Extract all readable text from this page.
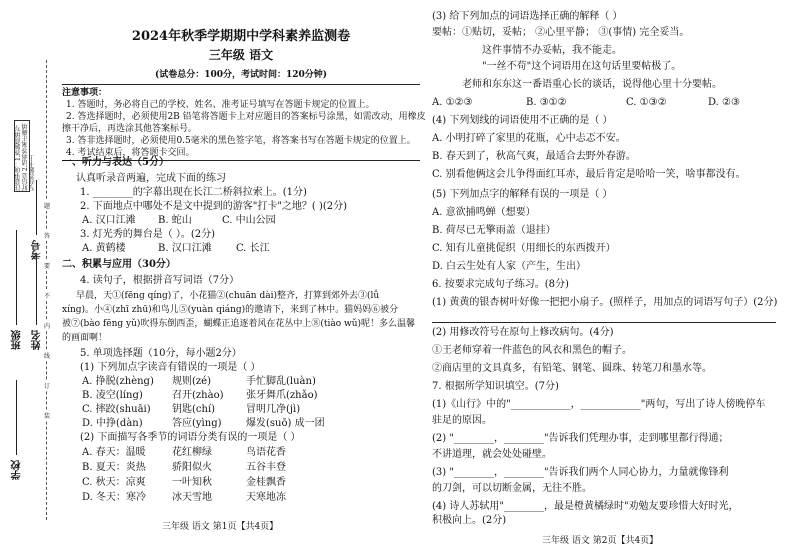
注意事项：1.答题前填写好信息 2.请将答案正确填写在答题卡上
学校
班级 姓名
考号
题
答
要
不
内
线
订
装
2024年秋季学期期中学科素养监测卷
三年级 语文
(试卷总分：100分，考试时间：120分钟)
注意事项：
1. 答题时，务必将自己的学校、姓名、准考证号填写在答题卡规定的位置上。
2. 答选择题时，必须使用2B 铅笔将答题卡上对应题目的答案标号涂黑，如需改动，用橡皮
擦干净后，再选涂其他答案标号。
3. 答非选择题时，必须使用0.5毫米的黑色签字笔，将答案书写在答题卡规定的位置上。
4. 考试结束后，将答题卡交回。
一、听力与表达（5分）
认真听录音两遍，完成下面的练习
1. ________的字幕出现在长江二桥斜拉索上。(1分)
2. 下面地点中哪处不是文中提到的游客"打卡"之地？( )(2分)
A. 汉口江滩 B. 蛇山	C. 中山公园
3. 灯光秀的舞台是（ ）。(2分)
A. 黄鹤楼	B. 汉口江滩 C. 长江
二、积累与应用（30分）
4. 读句子，根据拼音写词语（7分）
早晨，天①(fēng qíng)了，小花猫②(chuān dài)整齐，打算到郊外去③(lǚ
xíng)。小④(zhī zhū)和鸟儿⑤(yuàn qiáng)的邀请下，来到了林中。猫妈妈⑥被分
被⑦(bào fēng yǔ)吹得东倒西歪，蝴蝶正追逐着风在花丛中上⑧(tiào wǔ)呢！多么温馨
的画面啊！
5. 单项选择题（10分，每小题2分）
(1) 下列加点字读音有错误的一项是（ ）
A. 挣脱(zhèng) 规则(zé)	手忙脚乱(luàn)
B. 凌空(líng)	召开(zhào) 张牙舞爪(zhǎo)
C. 摔跤(shuāi) 钥匙(chí)	冒明几净(jì)
D. 中挣(dàn)	答应(yìng) 爆发(suō) 成一团
(2) 下面描写各季节的词语分类有误的一项是（ ）
A. 春天：温暖	花红柳绿	鸟语花香
B. 夏天：炎热	骄阳似火	五谷丰登
C. 秋天：凉爽	一叶知秋	金桂飘香
D. 冬天：寒冷	冰天雪地	天寒地冻
三年级 语文 第1页【共4页】
(3) 给下列加点的词语选择正确的解释（ ）
要帖：①贴切，妥帖； ②心里平静； ③(事情) 完全妥当。
这件事情不办妥帖，我不能走。
"一丝不苟"这个词语用在这句话里要帖极了。
老师和东东这一番语重心长的谈话，说得他心里十分要帖。
A. ①②③	B. ③①②	C. ①③②	D. ②③
(4) 下列划线的词语使用不正确的是（ ）
A. 小明打碎了家里的花瓶，心中忐忑不安。
B. 春天到了，秋高气爽，最适合去野外春游。
C. 别看他俩这会儿争得面红耳赤，最后肯定是哈哈一笑，啥事都没有。
(5) 下列加点字的解释有误的一项是（ ）
A. 意欲捕鸣蝉（想要）
B. 荷尽已无擎雨盖（退挂）
C. 知有儿童挑促织（用细长的东西拨开）
D. 白云生处有人家（产生，生出）
6. 按要求完成句子练习。(8分)
(1) 黄黄的银杏树叶好像一把把小扇子。(照样子，用加点的词语写句子）(2分)
(2) 用修改符号在原句上修改病句。(4分)
①王老师穿着一件蓝色的风衣和黑色的帽子。
②商店里的文具真多，有铅笔、钢笔、圆珠、转笔刀和墨水等。
7. 根据所学知识填空。(7分)
(1)《山行》中的"____________，____________"两句，写出了诗人傍晚停车
驻足的原因。
(2) "________，________"告诉我们凭理办事，走到哪里都行得通；
不讲道理，就会处处碰壁。
(3) "________，________"告诉我们两个人同心协力，力量就像锋利
的刀剑，可以切断金属，无往不胜。
(4) 诗人苏轼用"________，最是橙黄橘绿时"劝勉友要珍惜大好时光，
积极向上。(2分)
三年级 语文 第2页【共4页】
